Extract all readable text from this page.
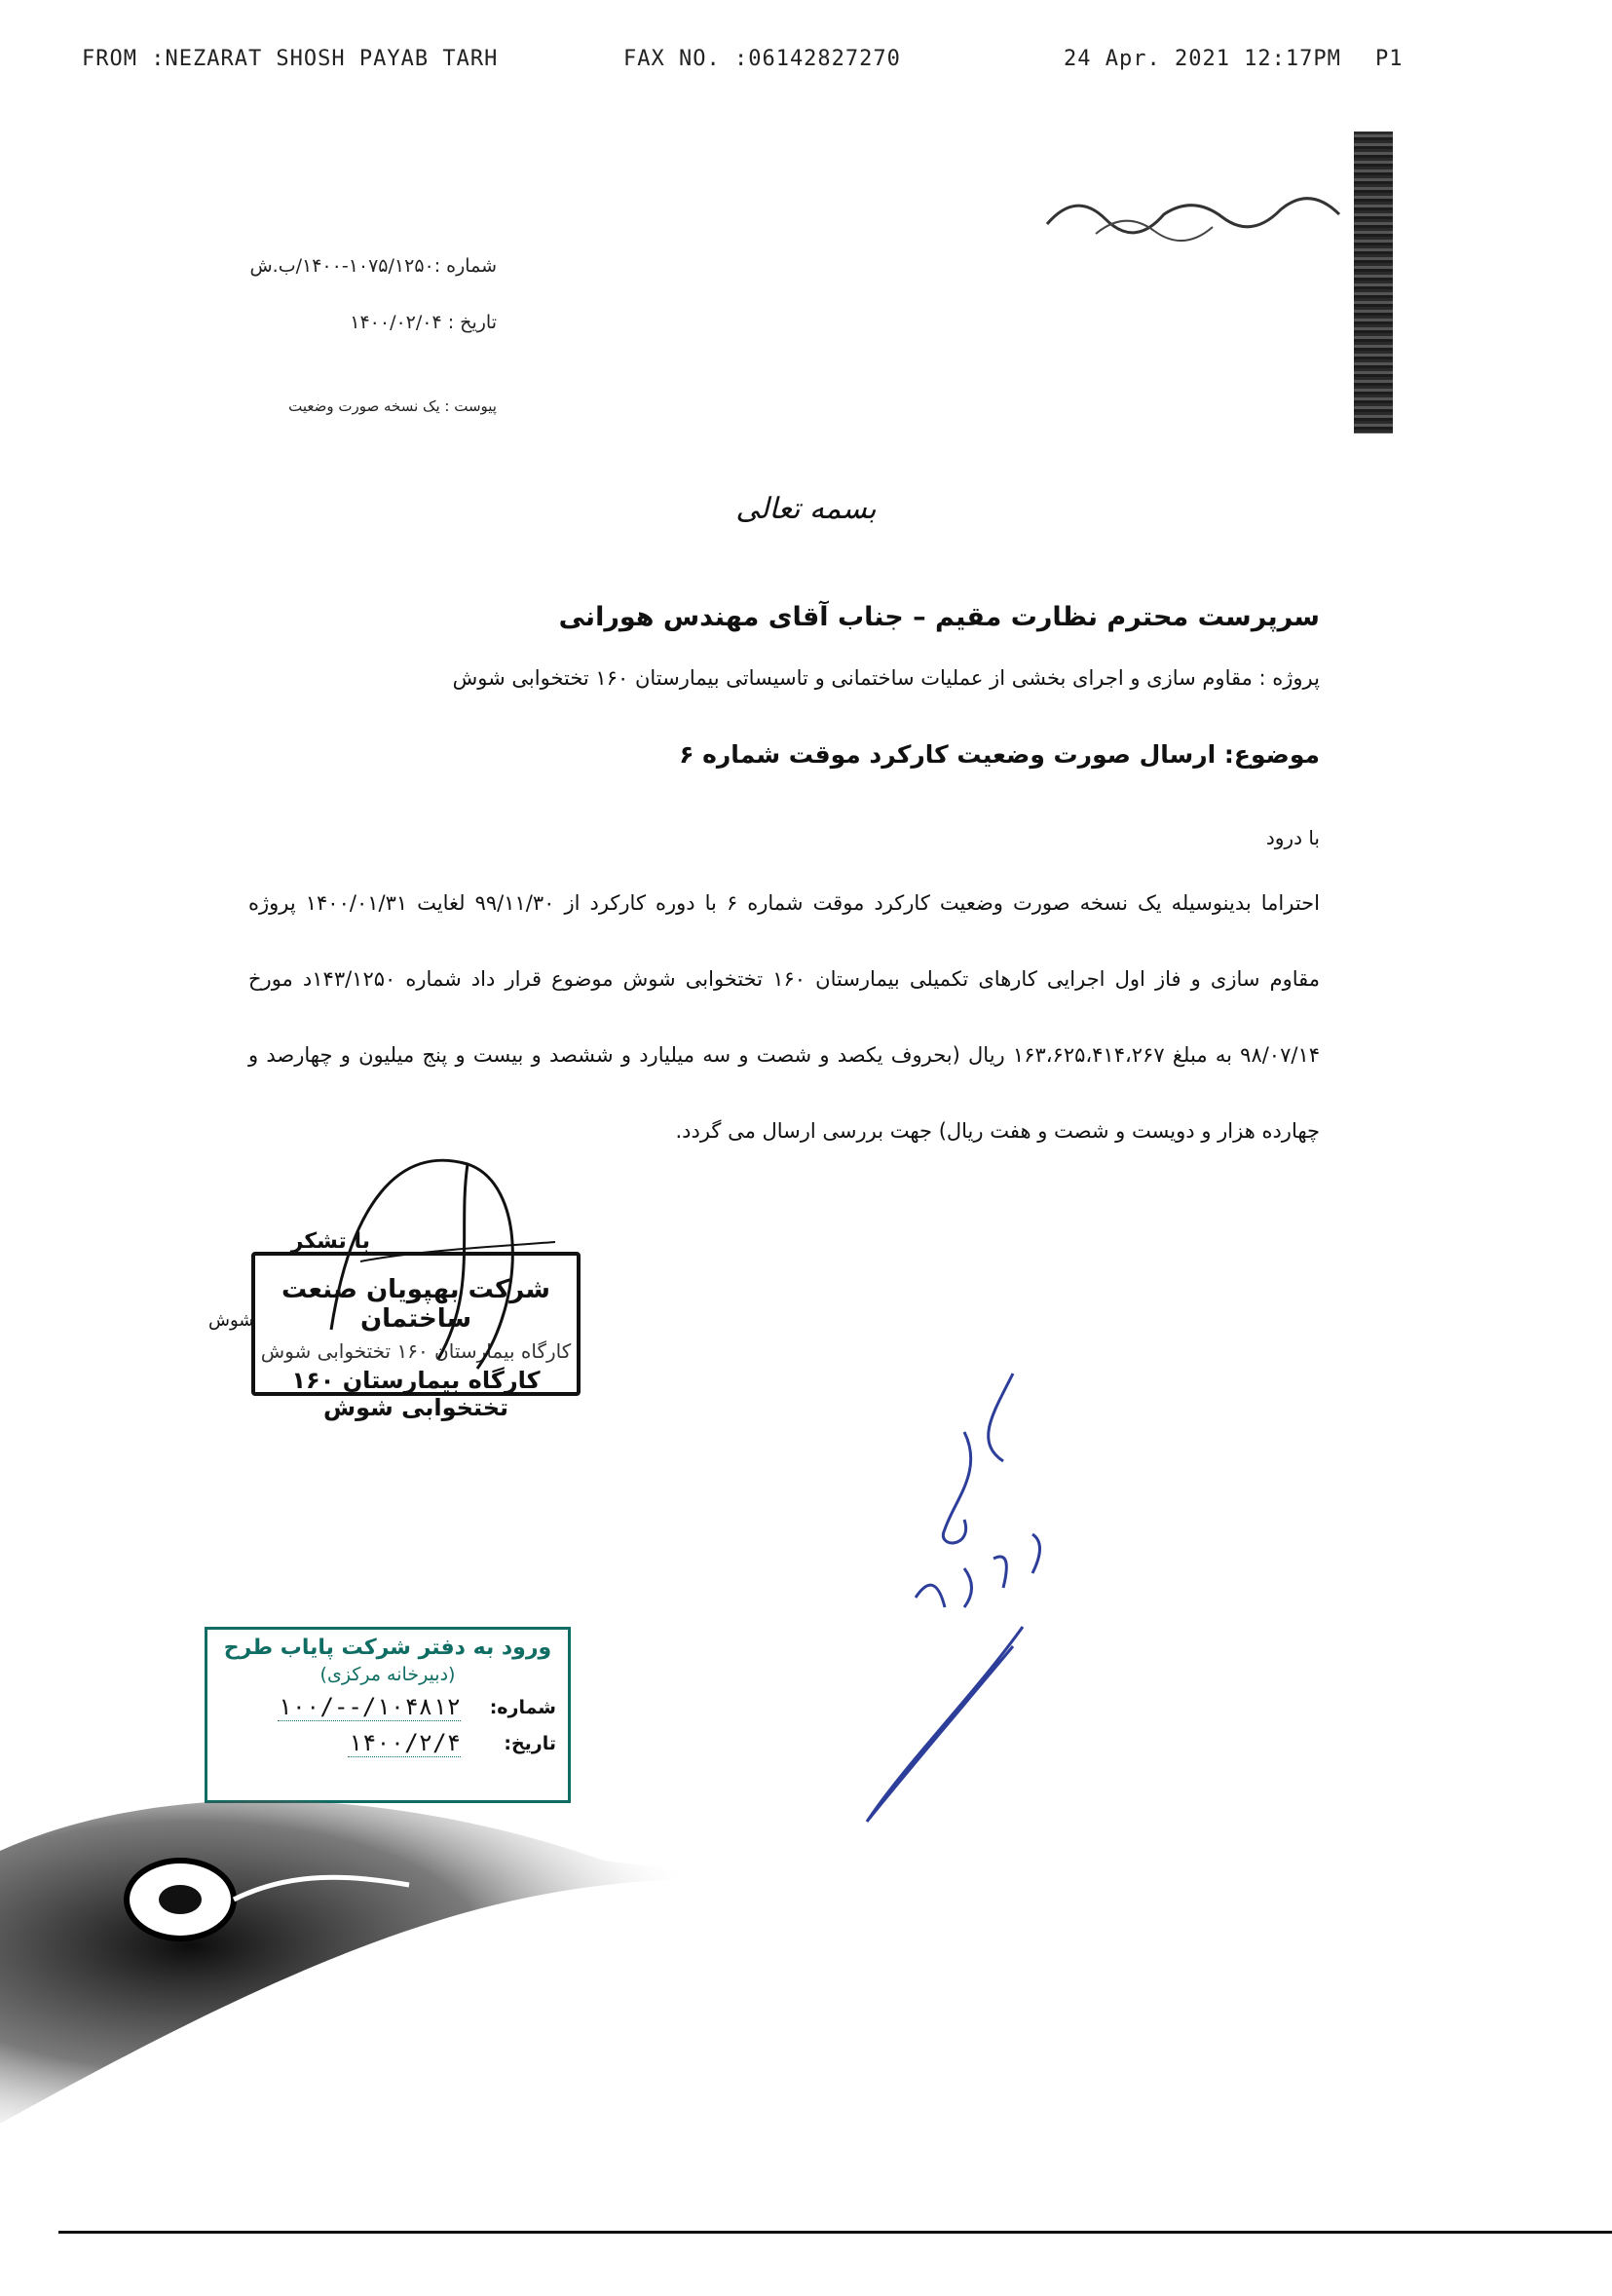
FROM :NEZARAT SHOSH PAYAB TARH	FAX NO. :06142827270	24 Apr. 2021 12:17PM P1
شماره :۱۰۷۵/۱۲۵۰-۱۴۰۰/ب.ش
تاریخ : ۱۴۰۰/۰۲/۰۴
پیوست : یک نسخه صورت وضعیت
بسمه تعالی
سرپرست محترم نظارت مقیم – جناب آقای مهندس هورانی
پروژه : مقاوم سازی و اجرای بخشی از عملیات ساختمانی و تاسیساتی بیمارستان ۱۶۰ تختخوابی شوش
موضوع: ارسال صورت وضعیت کارکرد موقت شماره ۶
با درود
احتراما بدینوسیله یک نسخه صورت وضعیت کارکرد موقت شماره ۶ با دوره کارکرد از ۹۹/۱۱/۳۰ لغایت ۱۴۰۰/۰۱/۳۱ پروژه مقاوم سازی و فاز اول اجرایی کارهای تکمیلی بیمارستان ۱۶۰ تختخوابی شوش موضوع قرار داد شماره ۱۴۳/۱۲۵۰د مورخ ۹۸/۰۷/۱۴ به مبلغ ۱۶۳،۶۲۵،۴۱۴،۲۶۷ ریال (بحروف یکصد و شصت و سه میلیارد و ششصد و بیست و پنج میلیون و چهارصد و چهارده هزار و دویست و شصت و هفت ریال) جهت بررسی ارسال می گردد.
با تشکر
شوش
شرکت بهپویان صنعت ساختمان
کارگاه بیمارستان ۱۶۰ تختخوابی شوش
کارگاه بیمارستان ۱۶۰ تختخوابی شوش
ورود به دفتر شرکت پایاب طرح
(دبیرخانه مرکزی)
شماره:
۱۰۰/--/۱۰۴۸۱۲
تاریخ:
۱۴۰۰/۲/۴
